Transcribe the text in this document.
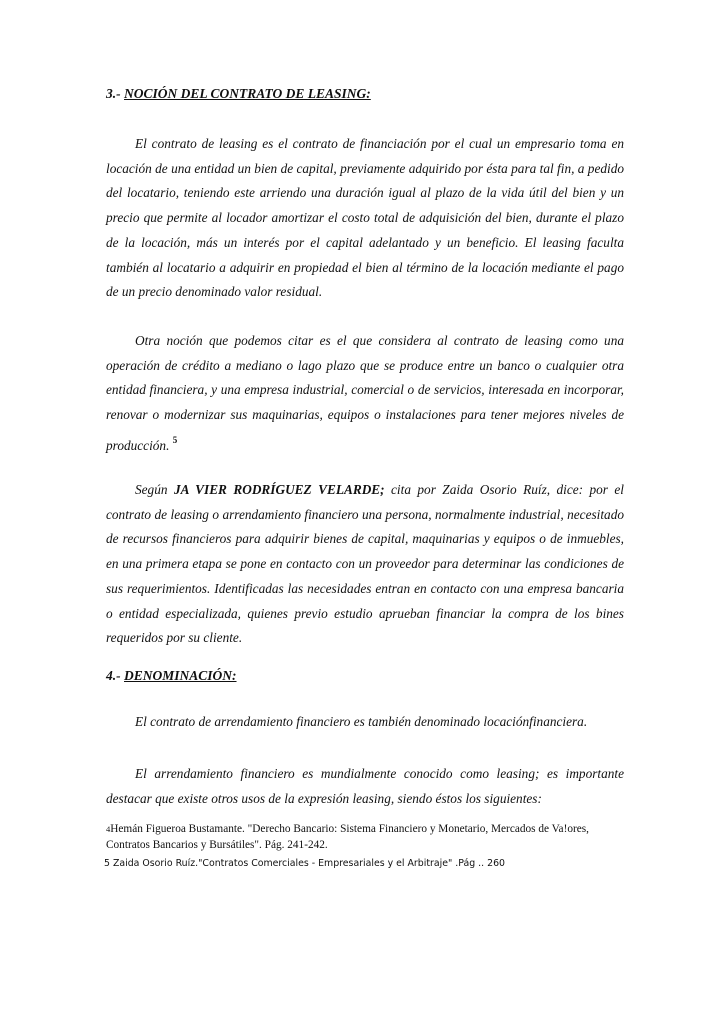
3.- NOCIÓN DEL CONTRATO DE LEASING:

El contrato de leasing es el contrato de financiación por el cual un empresario toma en locación de una entidad un bien de capital, previamente adquirido por ésta para tal fin, a pedido del locatario, teniendo este arriendo una duración igual al plazo de la vida útil del bien y un precio que permite al locador amortizar el costo total de adquisición del bien, durante el plazo de la locación, más un interés por el capital adelantado y un beneficio. El leasing faculta también al locatario a adquirir en propiedad el bien al término de la locación mediante el pago de un precio denominado valor residual.

Otra noción que podemos citar es el que considera al contrato de leasing como una operación de crédito a mediano o lago plazo que se produce entre un banco o cualquier otra entidad financiera, y una empresa industrial, comercial o de servicios, interesada en incorporar, renovar o modernizar sus maquinarias, equipos o instalaciones para tener mejores niveles de producción. $^5$

Según JA VIER RODRÍGUEZ VELARDE; cita por Zaida Osorio Ruíz, dice: por el contrato de leasing o arrendamiento financiero una persona, normalmente industrial, necesitado de recursos financieros para adquirir bienes de capital, maquinarias y equipos o de inmuebles, en una primera etapa se pone en contacto con un proveedor para determinar las condiciones de sus requerimientos. Identificadas las necesidades entran en contacto con una empresa bancaria o entidad especializada, quienes previo estudio aprueban financiar la compra de los bines requeridos por su cliente.

4.- DENOMINACIÓN:

El contrato de arrendamiento financiero es también denominado locaciónfinanciera.

El arrendamiento financiero es mundialmente conocido como leasing; es importante destacar que existe otros usos de la expresión leasing, siendo éstos los siguientes:

4Hemán Figueroa Bustamante. "Derecho Bancario: Sistema Financiero y Monetario, Mercados de Va!ores, Contratos Bancarios y Bursátiles". Pág. 241-242.

5 Zaida Osorio Ruíz."Contratos Comerciales - Empresariales y el Arbitraje" .Pág .. 260
